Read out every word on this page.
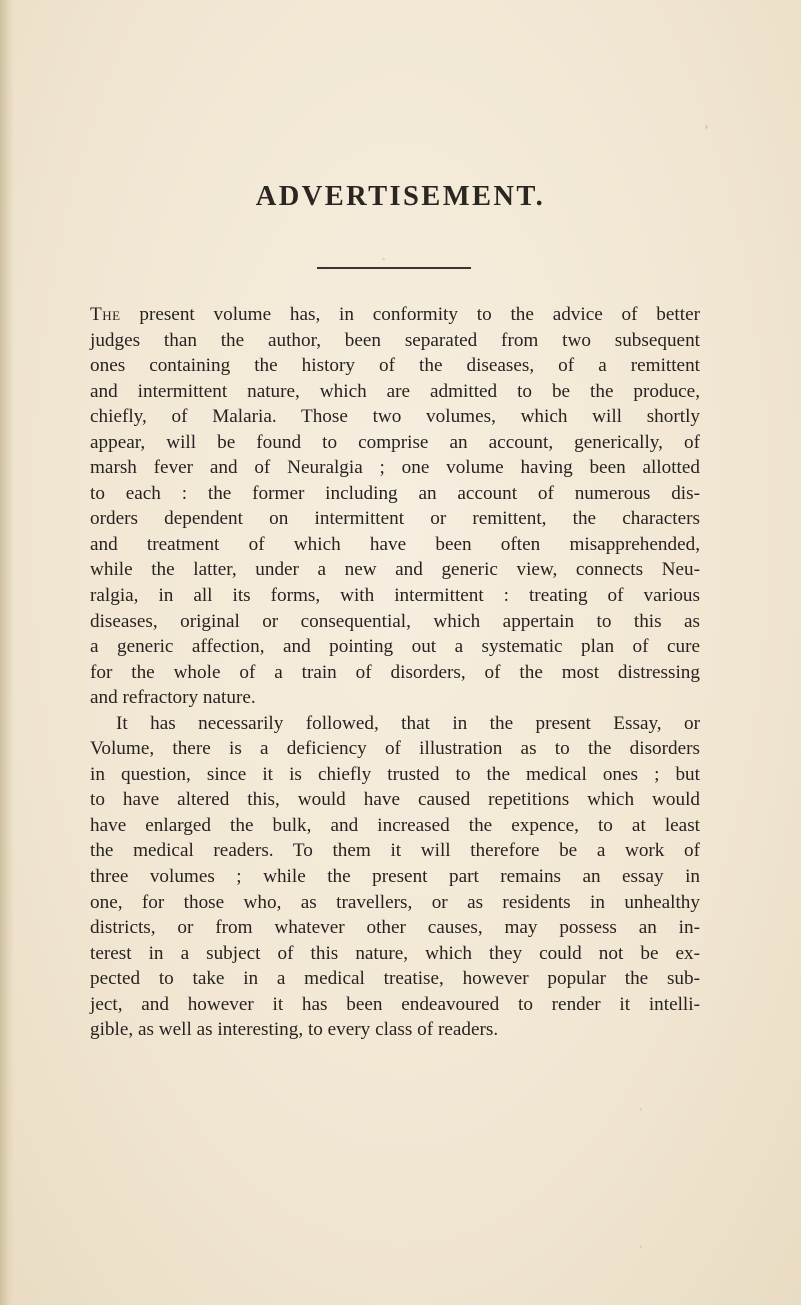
ADVERTISEMENT.
The present volume has, in conformity to the advice of better
judges than the author, been separated from two subsequent
ones containing the history of the diseases, of a remittent
and intermittent nature, which are admitted to be the produce,
chiefly, of Malaria. Those two volumes, which will shortly
appear, will be found to comprise an account, generically, of
marsh fever and of Neuralgia ; one volume having been allotted
to each : the former including an account of numerous dis-
orders dependent on intermittent or remittent, the characters
and treatment of which have been often misapprehended,
while the latter, under a new and generic view, connects Neu-
ralgia, in all its forms, with intermittent : treating of various
diseases, original or consequential, which appertain to this as
a generic affection, and pointing out a systematic plan of cure
for the whole of a train of disorders, of the most distressing
and refractory nature.
It has necessarily followed, that in the present Essay, or
Volume, there is a deficiency of illustration as to the disorders
in question, since it is chiefly trusted to the medical ones ; but
to have altered this, would have caused repetitions which would
have enlarged the bulk, and increased the expence, to at least
the medical readers. To them it will therefore be a work of
three volumes ; while the present part remains an essay in
one, for those who, as travellers, or as residents in unhealthy
districts, or from whatever other causes, may possess an in-
terest in a subject of this nature, which they could not be ex-
pected to take in a medical treatise, however popular the sub-
ject, and however it has been endeavoured to render it intelli-
gible, as well as interesting, to every class of readers.
